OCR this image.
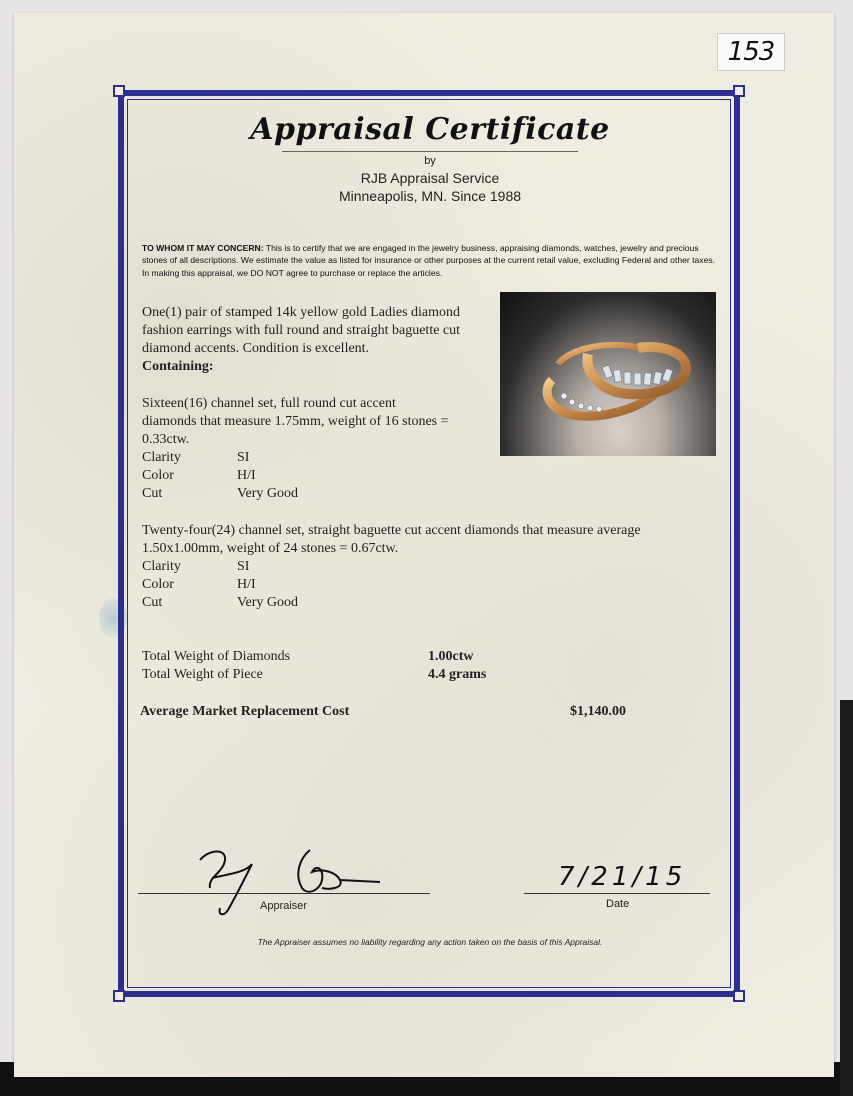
153
Appraisal Certificate
by
RJB Appraisal Service
Minneapolis, MN. Since 1988
TO WHOM IT MAY CONCERN: This is to certify that we are engaged in the jewelry business, appraising diamonds, watches, jewelry and precious stones of all descriptions. We estimate the value as listed for insurance or other purposes at the current retail value, excluding Federal and other taxes. In making this appraisal, we DO NOT agree to purchase or replace the articles.
One(1) pair of stamped 14k yellow gold Ladies diamond fashion earrings with full round and straight baguette cut diamond accents. Condition is excellent.
Containing:
Sixteen(16) channel set, full round cut accent diamonds that measure 1.75mm, weight of 16 stones = 0.33ctw.
Clarity	SI
Color	H/I
Cut	Very Good
Twenty-four(24) channel set, straight baguette cut accent diamonds that measure average 1.50x1.00mm, weight of 24 stones = 0.67ctw.
Clarity	SI
Color	H/I
Cut	Very Good
Total Weight of Diamonds	1.00ctw
Total Weight of Piece	4.4 grams
Average Market Replacement Cost	$1,140.00
Appraiser
7/21/15
Date
The Appraiser assumes no liability regarding any action taken on the basis of this Appraisal.
